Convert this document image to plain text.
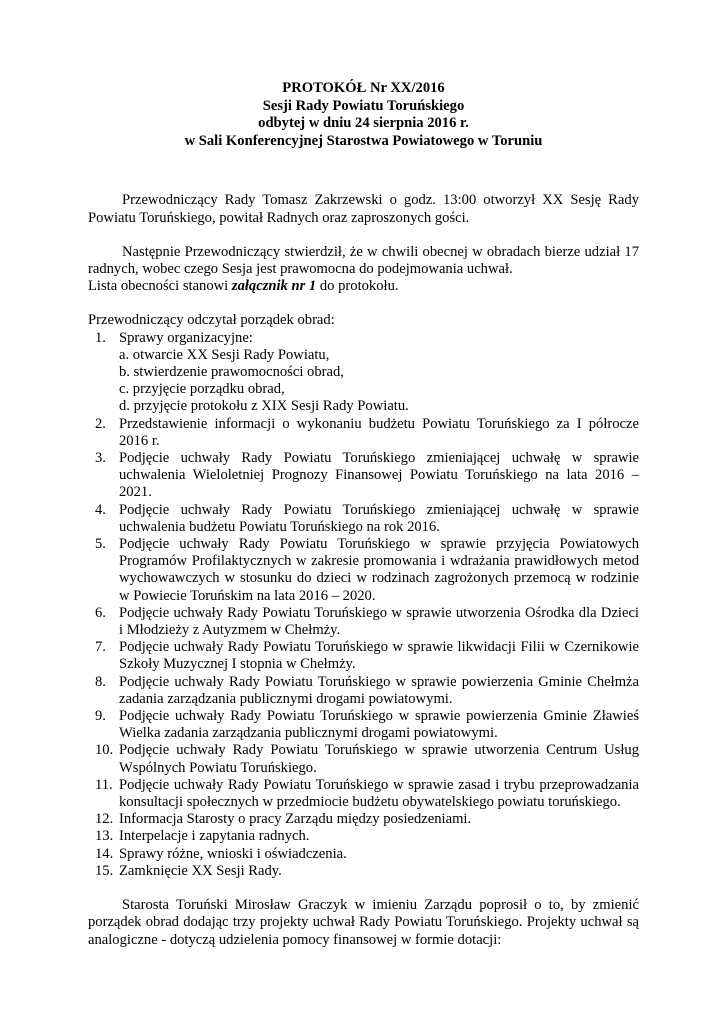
PROTOKÓŁ Nr XX/2016
Sesji Rady Powiatu Toruńskiego
odbytej w dniu 24 sierpnia 2016 r.
w Sali Konferencyjnej Starostwa Powiatowego w Toruniu

Przewodniczący Rady Tomasz Zakrzewski o godz. 13:00 otworzył XX Sesję Rady Powiatu Toruńskiego, powitał Radnych oraz zaproszonych gości.

Następnie Przewodniczący stwierdził, że w chwili obecnej w obradach bierze udział 17 radnych, wobec czego Sesja jest prawomocna do podejmowania uchwał.

Lista obecności stanowi załącznik nr 1 do protokołu.

Przewodniczący odczytał porządek obrad:

1. Sprawy organizacyjne:
a. otwarcie XX Sesji Rady Powiatu,
b. stwierdzenie prawomocności obrad,
c. przyjęcie porządku obrad,
d. przyjęcie protokołu z XIX Sesji Rady Powiatu.
2. Przedstawienie informacji o wykonaniu budżetu Powiatu Toruńskiego za I półrocze 2016 r.
3. Podjęcie uchwały Rady Powiatu Toruńskiego zmieniającej uchwałę w sprawie uchwalenia Wieloletniej Prognozy Finansowej Powiatu Toruńskiego na lata 2016 – 2021.
4. Podjęcie uchwały Rady Powiatu Toruńskiego zmieniającej uchwałę w sprawie uchwalenia budżetu Powiatu Toruńskiego na rok 2016.
5. Podjęcie uchwały Rady Powiatu Toruńskiego w sprawie przyjęcia Powiatowych Programów Profilaktycznych w zakresie promowania i wdrażania prawidłowych metod wychowawczych w stosunku do dzieci w rodzinach zagrożonych przemocą w rodzinie w Powiecie Toruńskim na lata 2016 – 2020.
6. Podjęcie uchwały Rady Powiatu Toruńskiego w sprawie utworzenia Ośrodka dla Dzieci i Młodzieży z Autyzmem w Chełmży.
7. Podjęcie uchwały Rady Powiatu Toruńskiego w sprawie likwidacji Filii w Czernikowie Szkoły Muzycznej I stopnia w Chełmży.
8. Podjęcie uchwały Rady Powiatu Toruńskiego w sprawie powierzenia Gminie Chełmża zadania zarządzania publicznymi drogami powiatowymi.
9. Podjęcie uchwały Rady Powiatu Toruńskiego w sprawie powierzenia Gminie Zławieś Wielka zadania zarządzania publicznymi drogami powiatowymi.
10. Podjęcie uchwały Rady Powiatu Toruńskiego w sprawie utworzenia Centrum Usług Wspólnych Powiatu Toruńskiego.
11. Podjęcie uchwały Rady Powiatu Toruńskiego w sprawie zasad i trybu przeprowadzania konsultacji społecznych w przedmiocie budżetu obywatelskiego powiatu toruńskiego.
12. Informacja Starosty o pracy Zarządu między posiedzeniami.
13. Interpelacje i zapytania radnych.
14. Sprawy różne, wnioski i oświadczenia.
15. Zamknięcie XX Sesji Rady.

Starosta Toruński Mirosław Graczyk w imieniu Zarządu poprosił o to, by zmienić porządek obrad dodając trzy projekty uchwał Rady Powiatu Toruńskiego. Projekty uchwał są analogiczne - dotyczą udzielenia pomocy finansowej w formie dotacji:
